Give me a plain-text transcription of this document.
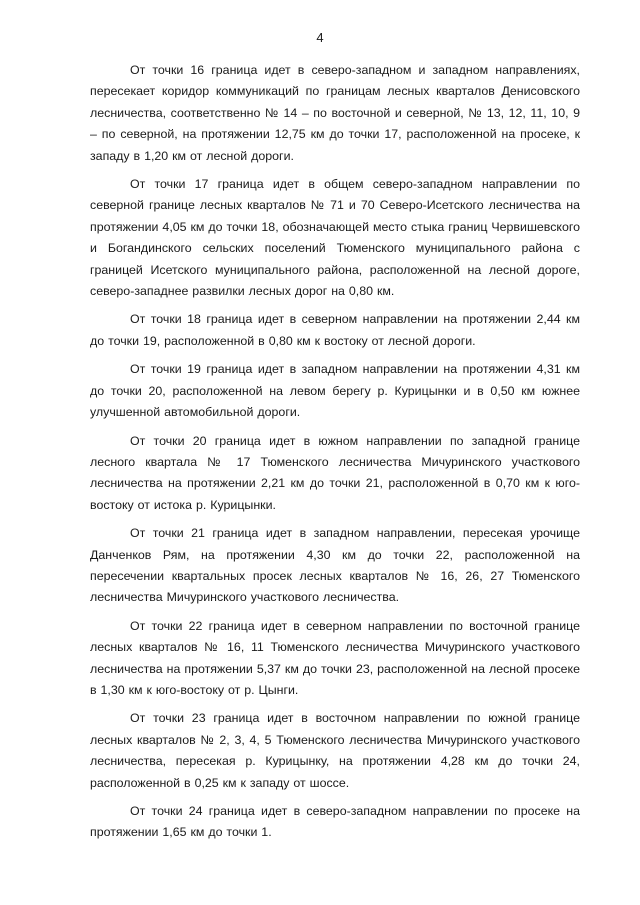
4

От точки 16 граница идет в северо-западном и западном направлениях, пересекает коридор коммуникаций по границам лесных кварталов Денисовского лесничества, соответственно № 14 – по восточной и северной, № 13, 12, 11, 10, 9 – по северной, на протяжении 12,75 км до точки 17, расположенной на просеке, к западу в 1,20 км от лесной дороги.

От точки 17 граница идет в общем северо-западном направлении по северной границе лесных кварталов № 71 и 70 Северо-Исетского лесничества на протяжении 4,05 км до точки 18, обозначающей место стыка границ Червишевского и Богандинского сельских поселений Тюменского муниципального района с границей Исетского муниципального района, расположенной на лесной дороге, северо-западнее развилки лесных дорог на 0,80 км.

От точки 18 граница идет в северном направлении на протяжении 2,44 км до точки 19, расположенной в 0,80 км к востоку от лесной дороги.

От точки 19 граница идет в западном направлении на протяжении 4,31 км до точки 20, расположенной на левом берегу р. Курицынки и в 0,50 км южнее улучшенной автомобильной дороги.

От точки 20 граница идет в южном направлении по западной границе лесного квартала № 17 Тюменского лесничества Мичуринского участкового лесничества на протяжении 2,21 км до точки 21, расположенной в 0,70 км к юго-востоку от истока р. Курицынки.

От точки 21 граница идет в западном направлении, пересекая урочище Данченков Рям, на протяжении 4,30 км до точки 22, расположенной на пересечении квартальных просек лесных кварталов № 16, 26, 27 Тюменского лесничества Мичуринского участкового лесничества.

От точки 22 граница идет в северном направлении по восточной границе лесных кварталов № 16, 11 Тюменского лесничества Мичуринского участкового лесничества на протяжении 5,37 км до точки 23, расположенной на лесной просеке в 1,30 км к юго-востоку от р. Цынги.

От точки 23 граница идет в восточном направлении по южной границе лесных кварталов № 2, 3, 4, 5 Тюменского лесничества Мичуринского участкового лесничества, пересекая р. Курицынку, на протяжении 4,28 км до точки 24, расположенной в 0,25 км к западу от шоссе.

От точки 24 граница идет в северо-западном направлении по просеке на протяжении 1,65 км до точки 1.
